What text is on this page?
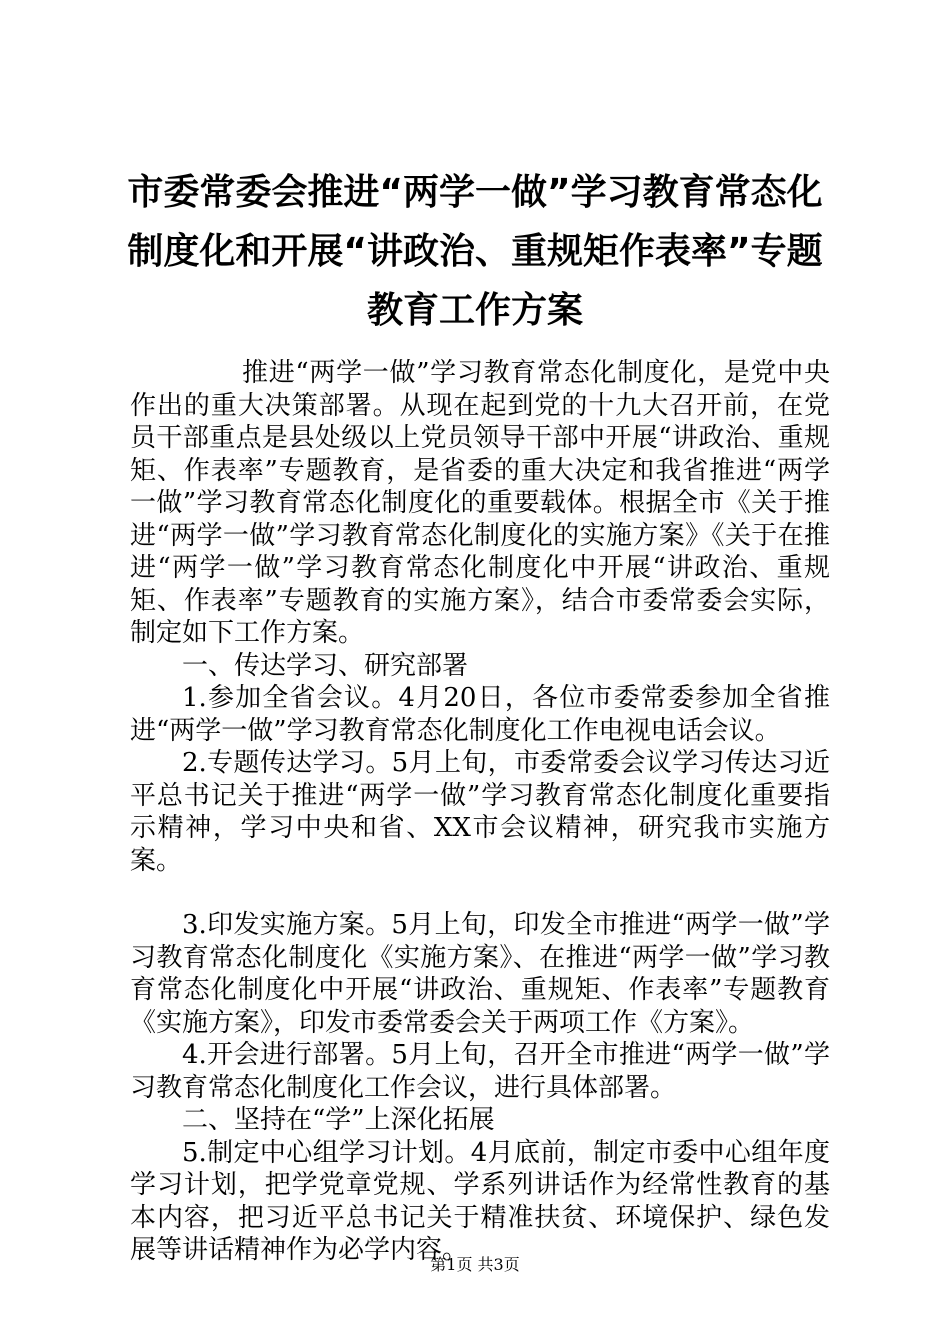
市委常委会推进“两学一做”学习教育常态化
制度化和开展“讲政治、重规矩作表率”专题
教育工作方案

推进“两学一做”学习教育常态化制度化，是党中央作出的重大决策部署。从现在起到党的十九大召开前，在党员干部重点是县处级以上党员领导干部中开展“讲政治、重规矩、作表率”专题教育，是省委的重大决定和我省推进“两学一做”学习教育常态化制度化的重要载体。根据全市《关于推进“两学一做”学习教育常态化制度化的实施方案》《关于在推进“两学一做”学习教育常态化制度化中开展“讲政治、重规矩、作表率”专题教育的实施方案》，结合市委常委会实际，制定如下工作方案。

一、传达学习、研究部署

1.参加全省会议。4月20日，各位市委常委参加全省推进“两学一做”学习教育常态化制度化工作电视电话会议。

2.专题传达学习。5月上旬，市委常委会议学习传达习近平总书记关于推进“两学一做”学习教育常态化制度化重要指示精神，学习中央和省、XX市会议精神，研究我市实施方案。

3.印发实施方案。5月上旬，印发全市推进“两学一做”学习教育常态化制度化《实施方案》、在推进“两学一做”学习教育常态化制度化中开展“讲政治、重规矩、作表率”专题教育《实施方案》，印发市委常委会关于两项工作《方案》。

4.开会进行部署。5月上旬，召开全市推进“两学一做”学习教育常态化制度化工作会议，进行具体部署。

二、坚持在“学”上深化拓展

5.制定中心组学习计划。4月底前，制定市委中心组年度学习计划，把学党章党规、学系列讲话作为经常性教育的基本内容，把习近平总书记关于精准扶贫、环境保护、绿色发展等讲话精神作为必学内容。

第1页 共3页
